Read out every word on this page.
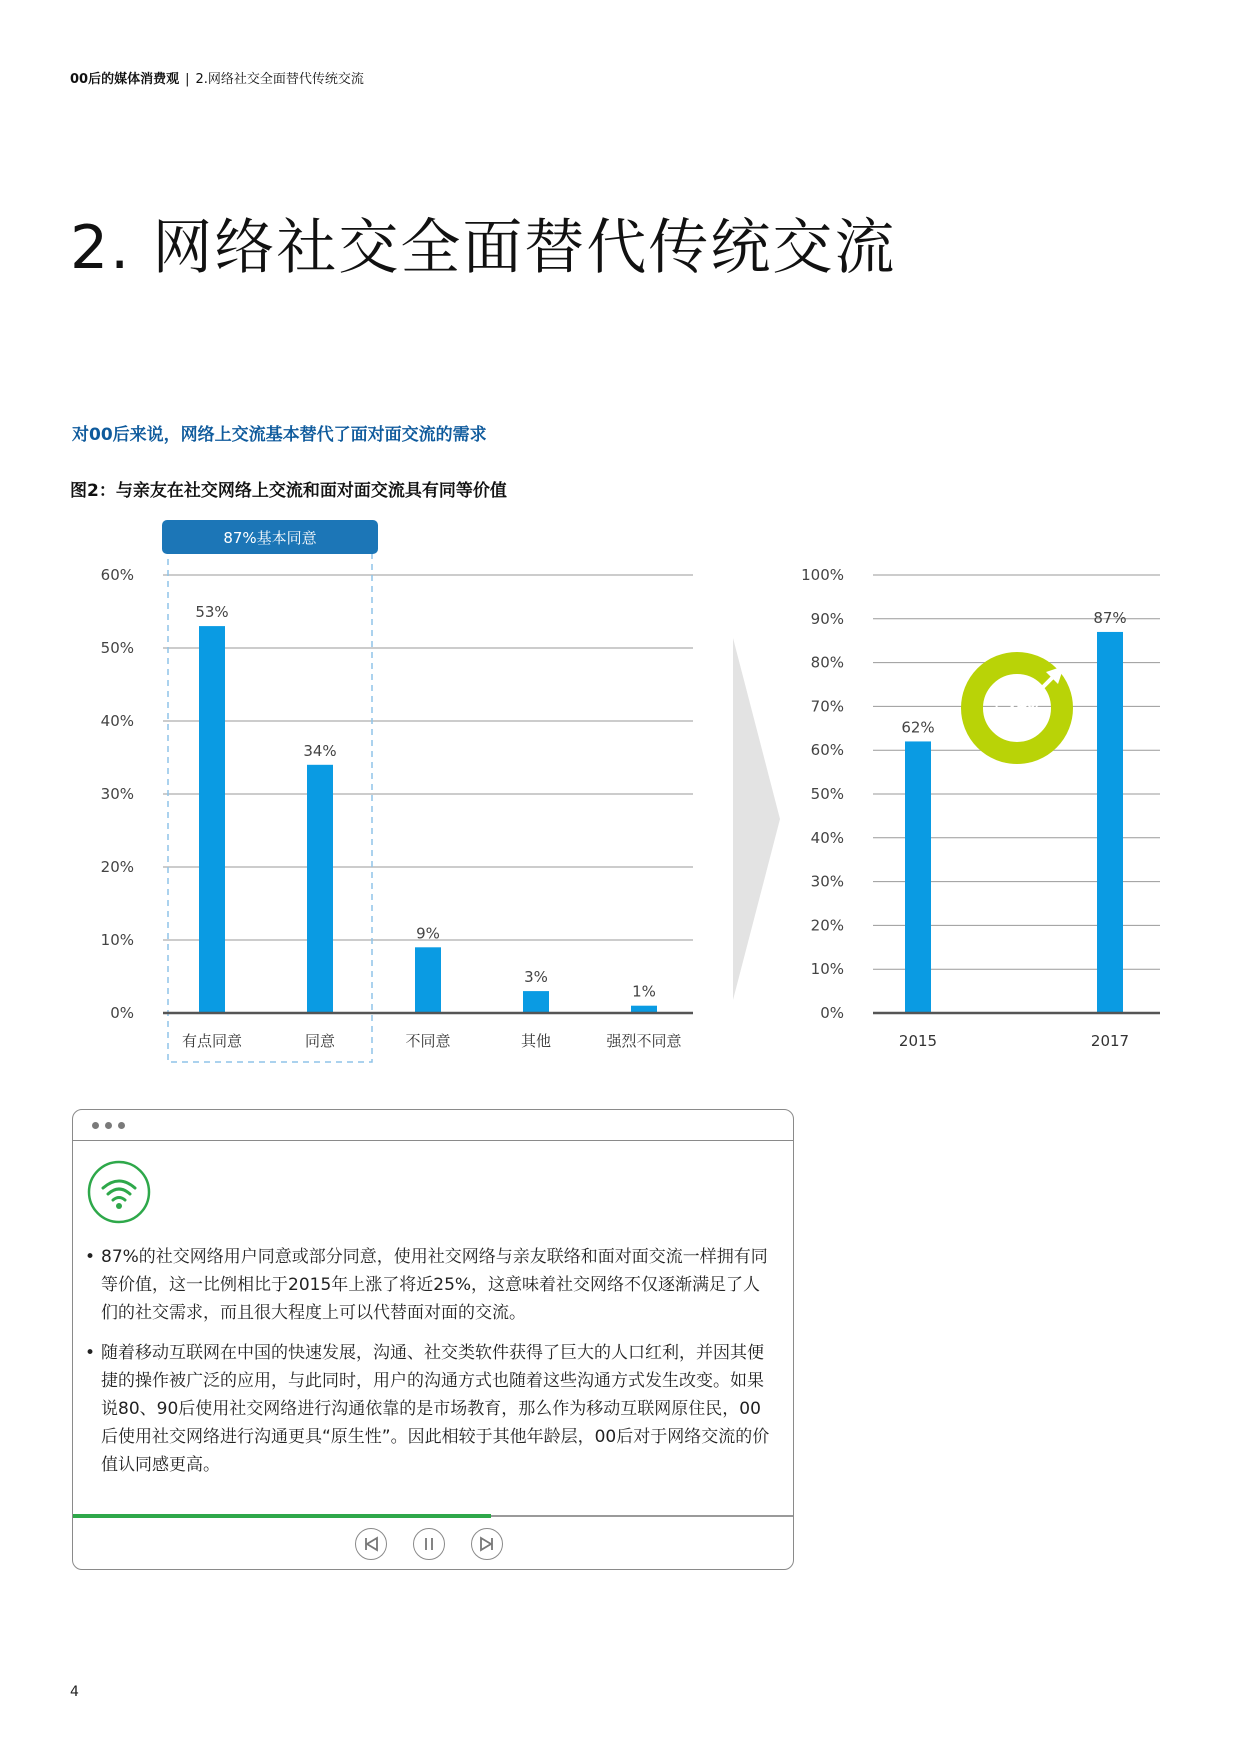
00后的媒体消费观 | 2.网络社交全面替代传统交流
2. 网络社交全面替代传统交流
对00后来说，网络上交流基本替代了面对面交流的需求
图2：与亲友在社交网络上交流和面对面交流具有同等价值
0%
10%
20%
30%
40%
50%
60%
87%基本同意
53%
有点同意
34%
同意
9%
不同意
3%
其他
1%
强烈不同意
0%
10%
20%
30%
40%
50%
60%
70%
80%
90%
100%
62%
2015
87%
2017
+25%
• 87%的社交网络用户同意或部分同意，使用社交网络与亲友联络和面对面交流一样拥有同等价值，这一比例相比于2015年上涨了将近25%，这意味着社交网络不仅逐渐满足了人们的社交需求，而且很大程度上可以代替面对面的交流。
• 随着移动互联网在中国的快速发展，沟通、社交类软件获得了巨大的人口红利，并因其便捷的操作被广泛的应用，与此同时，用户的沟通方式也随着这些沟通方式发生改变。如果说80、90后使用社交网络进行沟通依靠的是市场教育，那么作为移动互联网原住民，00后使用社交网络进行沟通更具“原生性”。因此相较于其他年龄层，00后对于网络交流的价值认同感更高。
4
